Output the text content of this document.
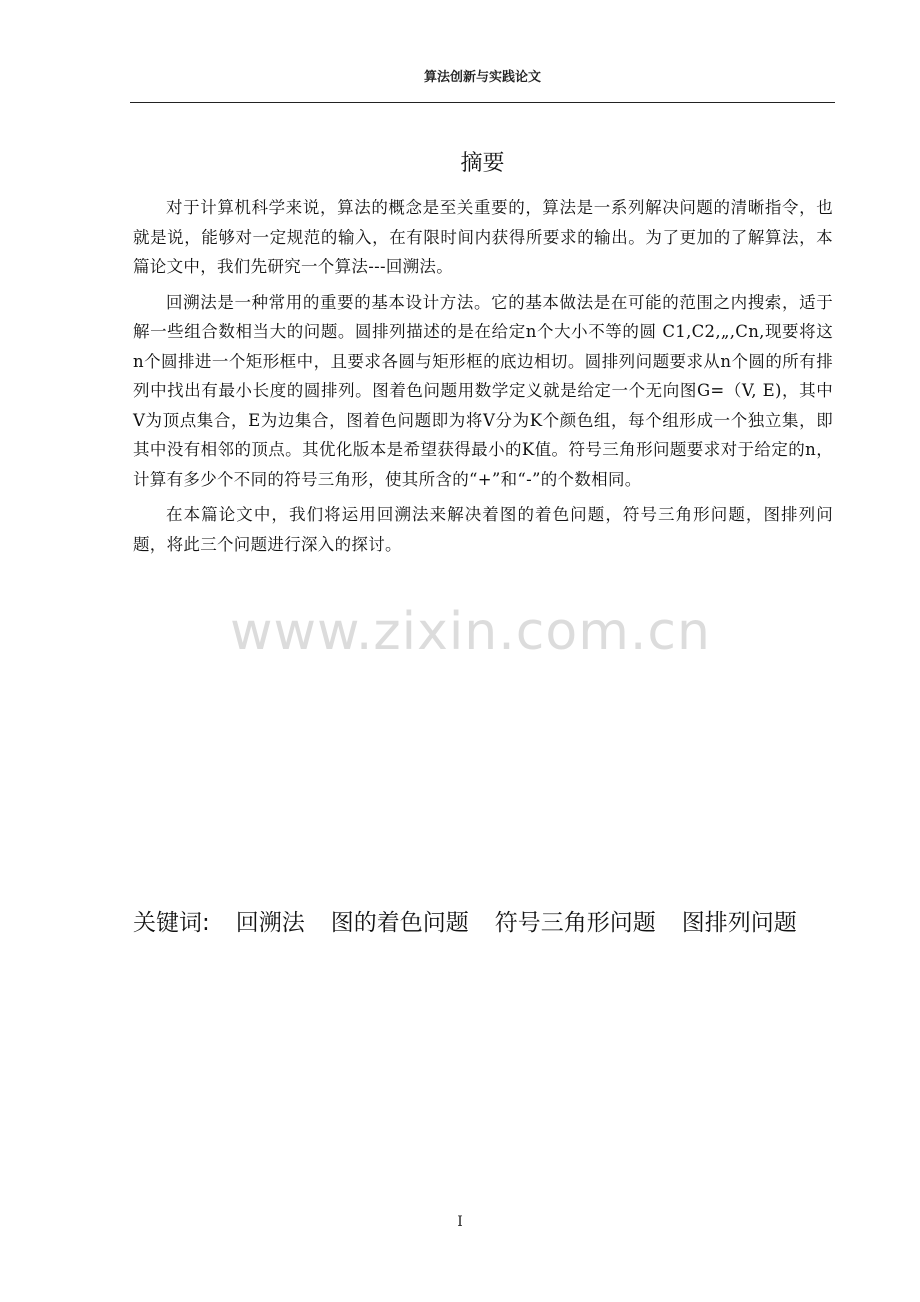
算法创新与实践论文
摘要

对于计算机科学来说，算法的概念是至关重要的，算法是一系列解决问题的清晰指令，也就是说，能够对一定规范的输入，在有限时间内获得所要求的输出。为了更加的了解算法，本篇论文中，我们先研究一个算法---回溯法。

回溯法是一种常用的重要的基本设计方法。它的基本做法是在可能的范围之内搜索，适于解一些组合数相当大的问题。圆排列描述的是在给定n个大小不等的圆 C1,C2,„,Cn,现要将这n个圆排进一个矩形框中，且要求各圆与矩形框的底边相切。圆排列问题要求从n个圆的所有排列中找出有最小长度的圆排列。图着色问题用数学定义就是给定一个无向图G=（V, E)，其中V为顶点集合，E为边集合，图着色问题即为将V分为K个颜色组，每个组形成一个独立集，即其中没有相邻的顶点。其优化版本是希望获得最小的K值。符号三角形问题要求对于给定的n，计算有多少个不同的符号三角形，使其所含的“+”和“-”的个数相同。

在本篇论文中，我们将运用回溯法来解决着图的着色问题，符号三角形问题，图排列问题，将此三个问题进行深入的探讨。

www.zixin.com.cn
关键词: 回溯法 图的着色问题 符号三角形问题 图排列问题
I
